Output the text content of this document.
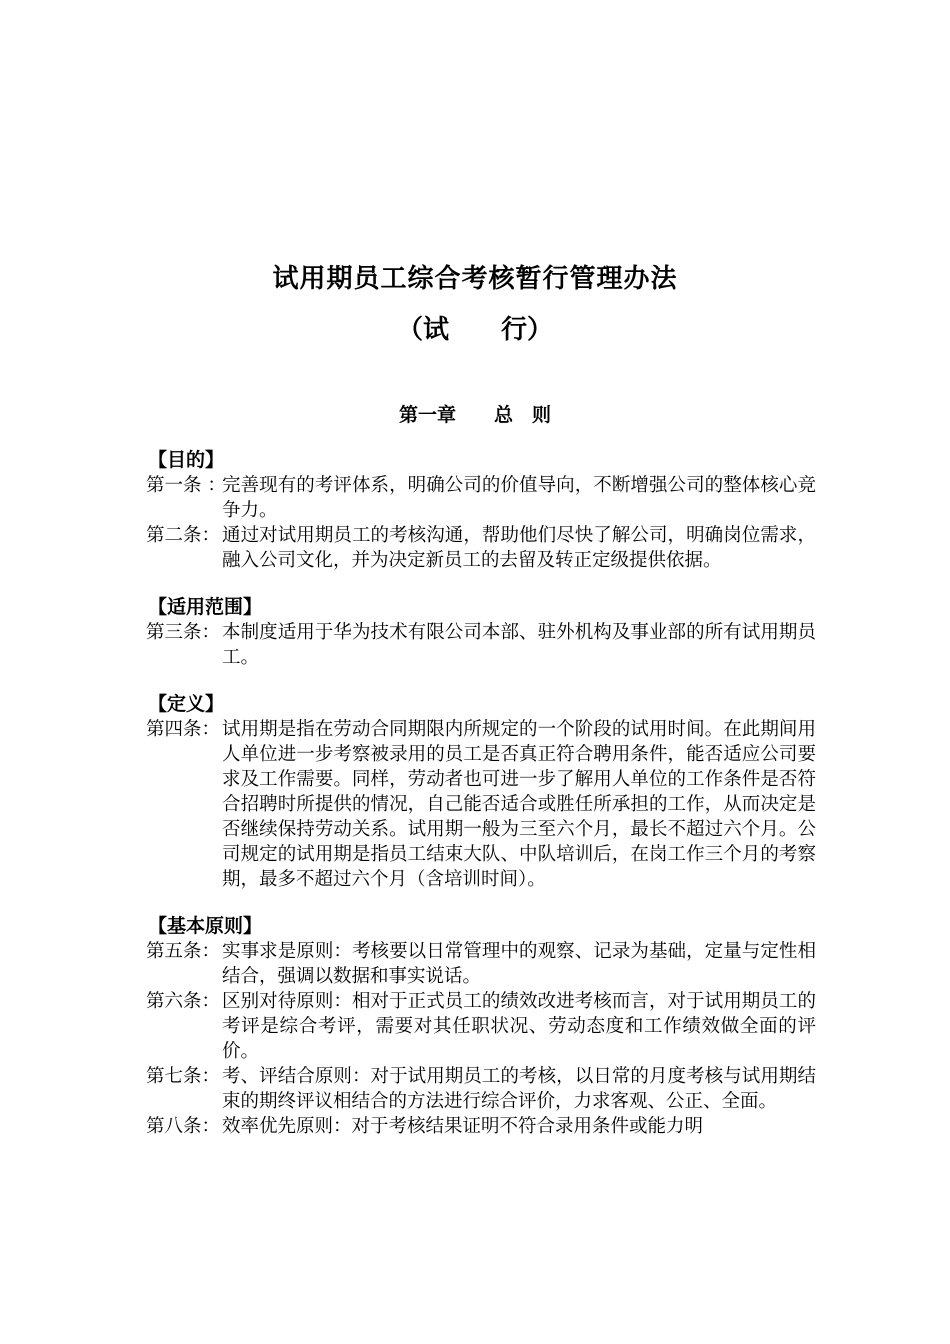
试用期员工综合考核暂行管理办法
（试　　行）
第一章　　总　则
【目的】
第一条 ：
完善现有的考评体系，明确公司的价值导向，不断增强公司的整体核心竞争力。
第二条： 通过对试用期员工的考核沟通，帮助他们尽快了解公司，明确岗位需求，融入公司文化，并为决定新员工的去留及转正定级提供依据。
【适用范围】
第三条： 本制度适用于华为技术有限公司本部、驻外机构及事业部的所有试用期员工。
【定义】
第四条： 试用期是指在劳动合同期限内所规定的一个阶段的试用时间。在此期间用人单位进一步考察被录用的员工是否真正符合聘用条件，能否适应公司要求及工作需要。同样，劳动者也可进一步了解用人单位的工作条件是否符合招聘时所提供的情况，自己能否适合或胜任所承担的工作，从而决定是否继续保持劳动关系。试用期一般为三至六个月，最长不超过六个月。公司规定的试用期是指员工结束大队、中队培训后，在岗工作三个月的考察期，最多不超过六个月（含培训时间）。
【基本原则】
第五条： 实事求是原则：考核要以日常管理中的观察、记录为基础，定量与定性相结合，强调以数据和事实说话。
第六条： 区别对待原则：相对于正式员工的绩效改进考核而言，对于试用期员工的考评是综合考评，需要对其任职状况、劳动态度和工作绩效做全面的评价。
第七条： 考、评结合原则：对于试用期员工的考核，以日常的月度考核与试用期结束的期终评议相结合的方法进行综合评价，力求客观、公正、全面。
第八条： 效率优先原则：对于考核结果证明不符合录用条件或能力明
